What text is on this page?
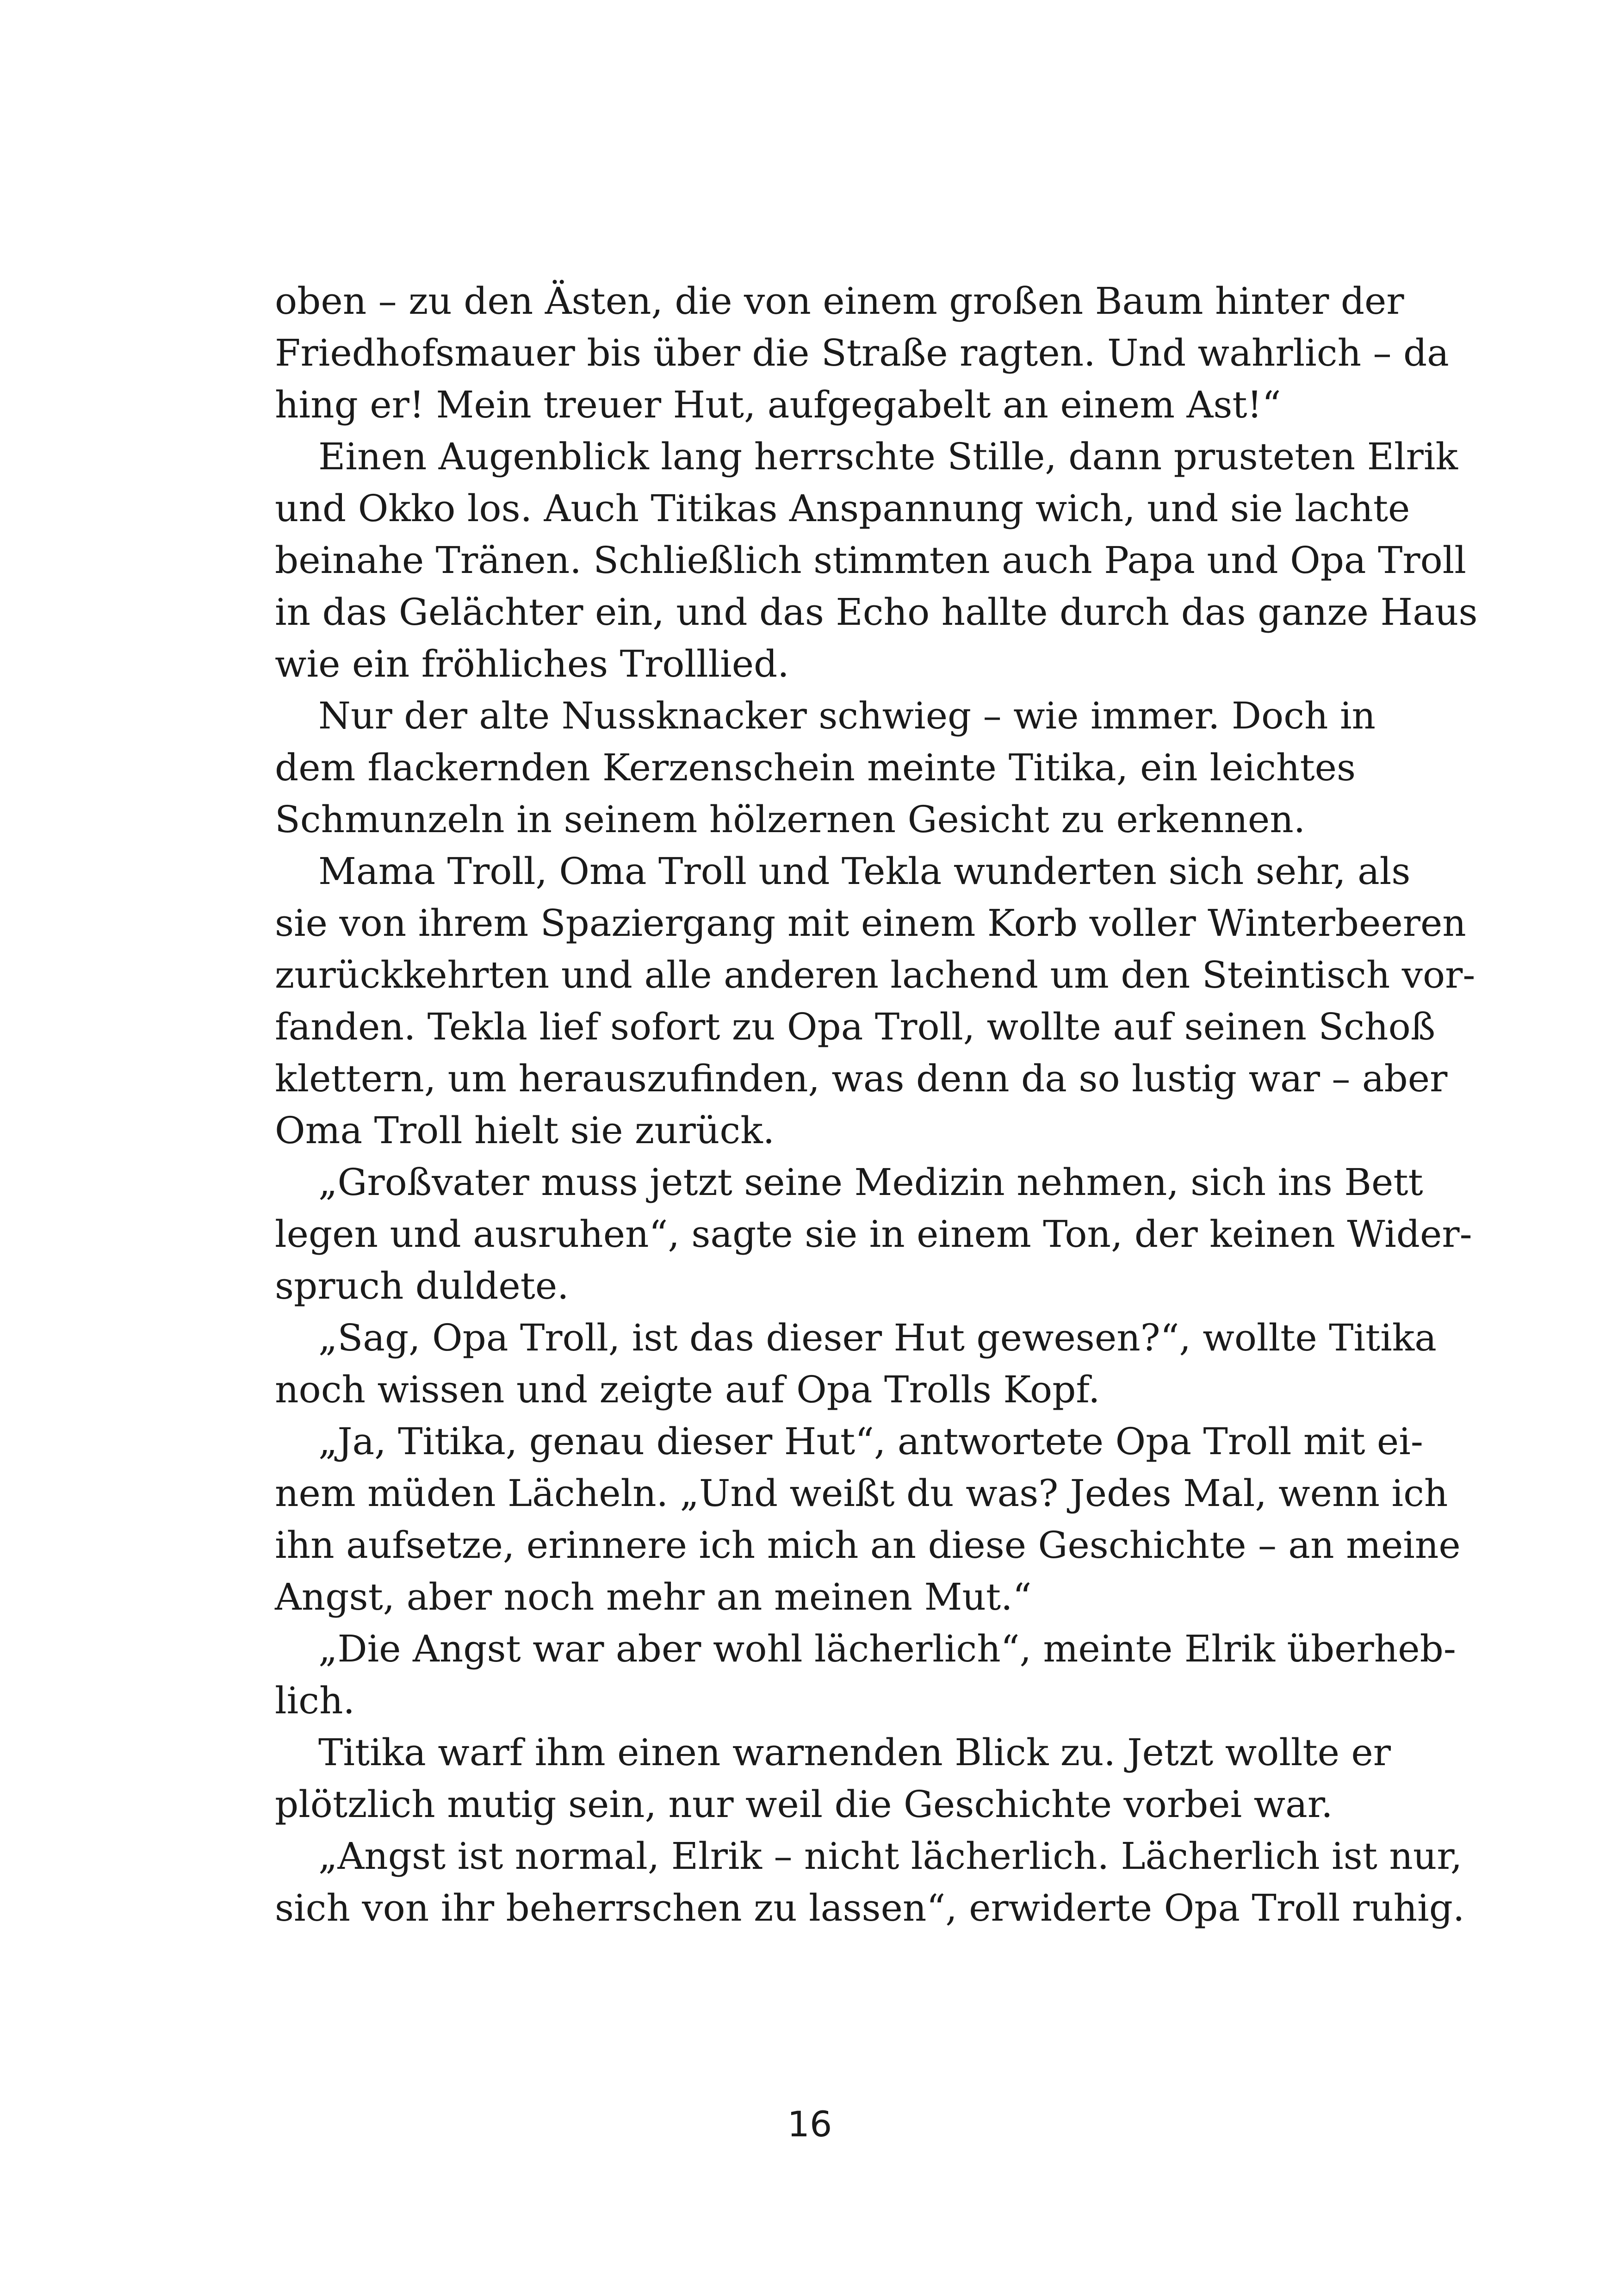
oben – zu den Ästen, die von einem großen Baum hinter der
Friedhofsmauer bis über die Straße ragten. Und wahrlich – da
hing er! Mein treuer Hut, aufgegabelt an einem Ast!“
Einen Augenblick lang herrschte Stille, dann prusteten Elrik
und Okko los. Auch Titikas Anspannung wich, und sie lachte
beinahe Tränen. Schließlich stimmten auch Papa und Opa Troll
in das Gelächter ein, und das Echo hallte durch das ganze Haus
wie ein fröhliches Trolllied.
Nur der alte Nussknacker schwieg – wie immer. Doch in
dem flackernden Kerzenschein meinte Titika, ein leichtes
Schmunzeln in seinem hölzernen Gesicht zu erkennen.
Mama Troll, Oma Troll und Tekla wunderten sich sehr, als
sie von ihrem Spaziergang mit einem Korb voller Winterbeeren
zurückkehrten und alle anderen lachend um den Steintisch vor-
fanden. Tekla lief sofort zu Opa Troll, wollte auf seinen Schoß
klettern, um herauszufinden, was denn da so lustig war – aber
Oma Troll hielt sie zurück.
„Großvater muss jetzt seine Medizin nehmen, sich ins Bett
legen und ausruhen“, sagte sie in einem Ton, der keinen Wider-
spruch duldete.
„Sag, Opa Troll, ist das dieser Hut gewesen?“, wollte Titika
noch wissen und zeigte auf Opa Trolls Kopf.
„Ja, Titika, genau dieser Hut“, antwortete Opa Troll mit ei-
nem müden Lächeln. „Und weißt du was? Jedes Mal, wenn ich
ihn aufsetze, erinnere ich mich an diese Geschichte – an meine
Angst, aber noch mehr an meinen Mut.“
„Die Angst war aber wohl lächerlich“, meinte Elrik überheb-
lich.
Titika warf ihm einen warnenden Blick zu. Jetzt wollte er
plötzlich mutig sein, nur weil die Geschichte vorbei war.
„Angst ist normal, Elrik – nicht lächerlich. Lächerlich ist nur,
sich von ihr beherrschen zu lassen“, erwiderte Opa Troll ruhig.
16
